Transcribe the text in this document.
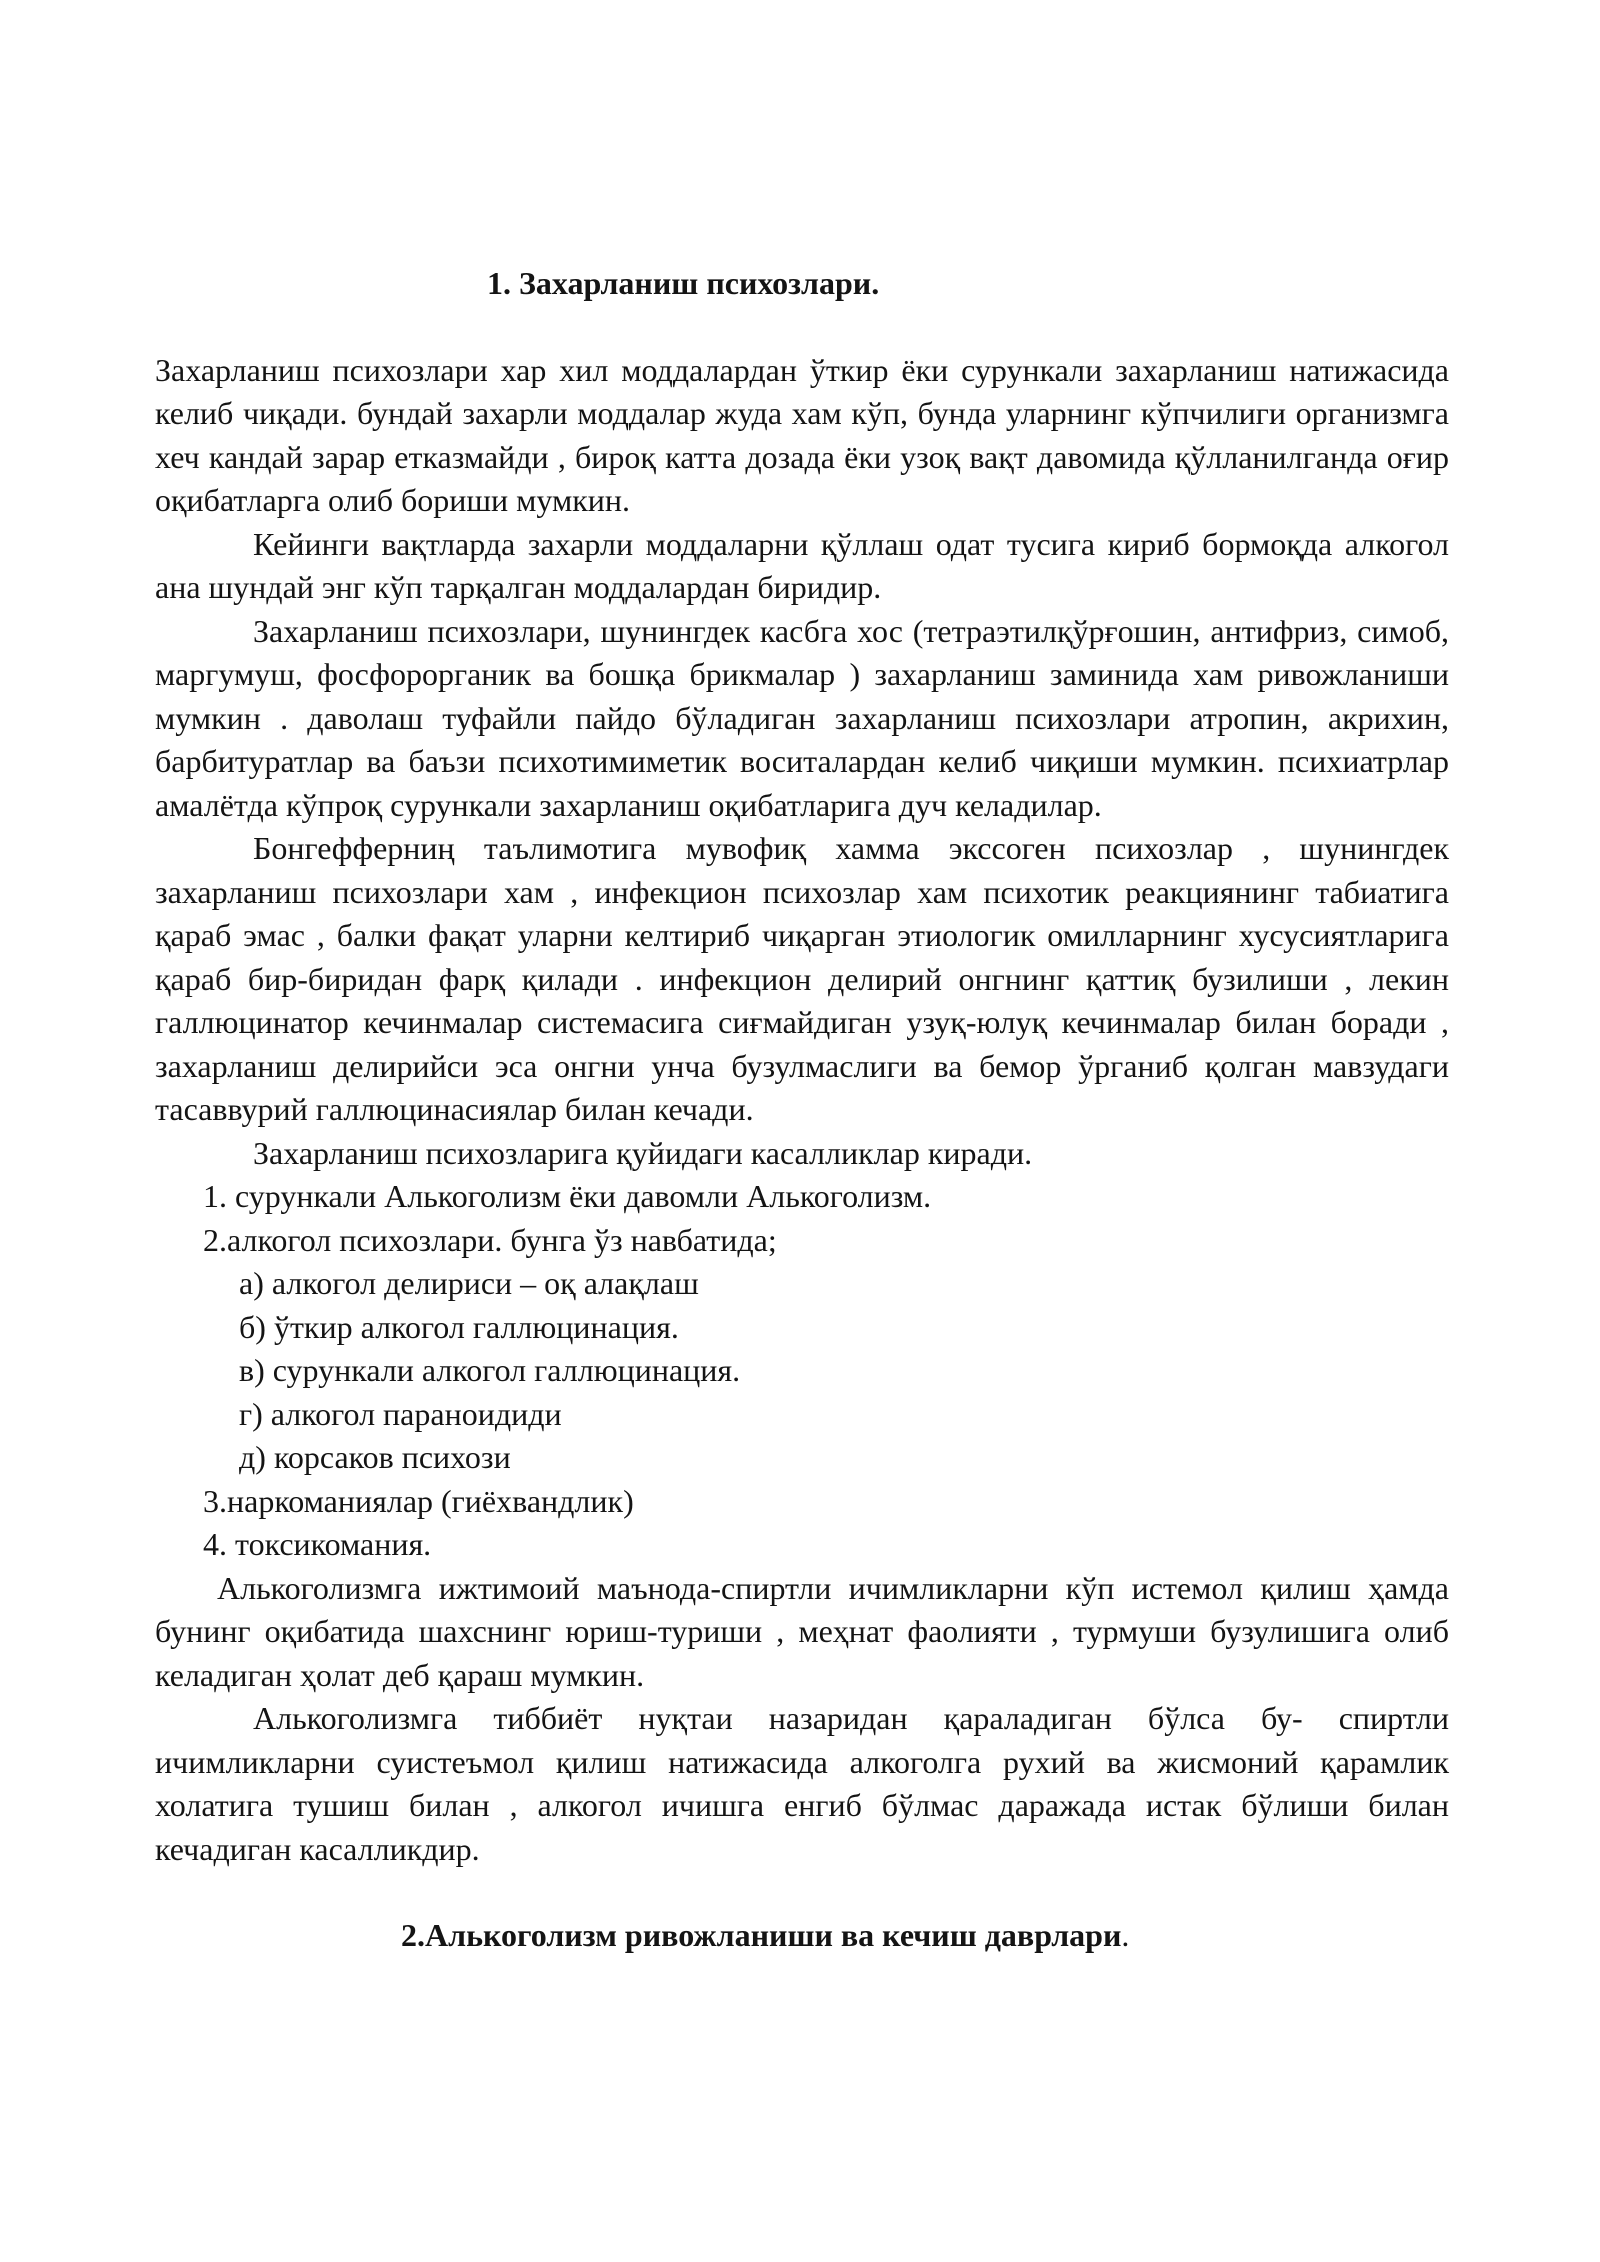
1. Захарланиш психозлари.

Захарланиш психозлари хар хил моддалардан ўткир ёки сурункали захарланиш натижасида келиб чиқади. бундай захарли моддалар жуда хам кўп, бунда уларнинг кўпчилиги организмга хеч кандай зарар етказмайди , бироқ катта дозада ёки узоқ вақт давомида қўлланилганда оғир оқибатларга олиб бориши мумкин.

Кейинги вақтларда захарли моддаларни қўллаш одат тусига кириб бормоқда алкогол ана шундай энг кўп тарқалган моддалардан биридир.

Захарланиш психозлари, шунингдек касбга хос (тетраэтилқўрғошин, антифриз, симоб, маргумуш, фосфорорганик ва бошқа брикмалар ) захарланиш заминида хам ривожланиши мумкин . даволаш туфайли пайдо бўладиган захарланиш психозлари атропин, акрихин, барбитуратлар ва баъзи психотимиметик воситалардан келиб чиқиши мумкин. психиатрлар амалётда кўпроқ сурункали захарланиш оқибатларига дуч келадилар.

Бонгефферниң таълимотига мувофиқ хамма экссоген психозлар , шунингдек захарланиш психозлари хам , инфекцион психозлар хам психотик реакциянинг табиатига қараб эмас , балки фақат уларни келтириб чиқарган этиологик омилларнинг хусусиятларига қараб бир-биридан фарқ қилади . инфекцион делирий онгнинг қаттиқ бузилиши , лекин галлюцинатор кечинмалар системасига сиғмайдиган узуқ-юлуқ кечинмалар билан боради , захарланиш делирийси эса онгни унча бузулмаслиги ва бемор ўрганиб қолган мавзудаги тасаввурий галлюцинасиялар билан кечади.

Захарланиш психозларига қуйидаги касалликлар киради.

1. сурункали Алькоголизм ёки давомли Алькоголизм.

2.алкогол психозлари. бунга ўз навбатида;

а) алкогол делириси – оқ алақлаш

б) ўткир алкогол галлюцинация.

в) сурункали алкогол галлюцинация.

г) алкогол параноидиди

д) корсаков психози

3.наркоманиялар (гиёхвандлик)

4. токсикомания.

Алькоголизмга ижтимоий маънода-спиртли ичимликларни кўп истемол қилиш ҳамда бунинг оқибатида шахснинг юриш-туриши , меҳнат фаолияти , турмуши бузулишига олиб келадиган ҳолат деб қараш мумкин.

Алькоголизмга тиббиёт нуқтаи назаридан қараладиган бўлса бу- спиртли ичимликларни суистеъмол қилиш натижасида алкоголга рухий ва жисмоний қарамлик холатига тушиш билан , алкогол ичишга енгиб бўлмас даражада истак бўлиши билан кечадиган касалликдир.

2.Алькоголизм ривожланиши ва кечиш даврлари.
